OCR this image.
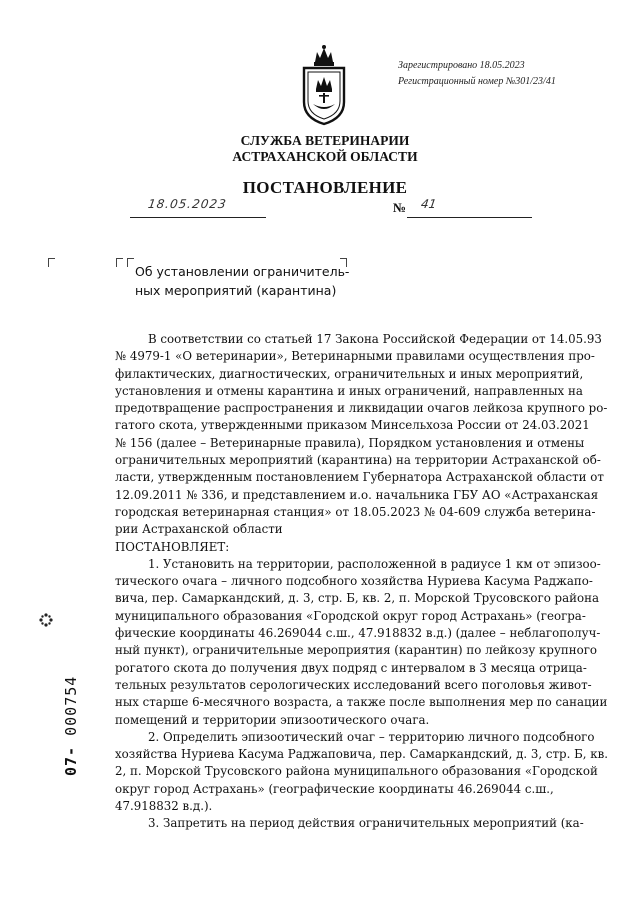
Зарегистрировано 18.05.2023
Регистрационный номер №301/23/41
СЛУЖБА ВЕТЕРИНАРИИ
АСТРАХАНСКОЙ ОБЛАСТИ
ПОСТАНОВЛЕНИЕ
18.05.2023	№ 41
Об установлении ограничитель-
ных мероприятий (карантина)
В соответствии со статьей 17 Закона Российской Федерации от 14.05.93
№ 4979-1 «О ветеринарии», Ветеринарными правилами осуществления про-
филактических, диагностических, ограничительных и иных мероприятий,
установления и отмены карантина и иных ограничений, направленных на
предотвращение распространения и ликвидации очагов лейкоза крупного ро-
гатого скота, утвержденными приказом Минсельхоза России от 24.03.2021
№ 156 (далее – Ветеринарные правила), Порядком установления и отмены
ограничительных мероприятий (карантина) на территории Астраханской об-
ласти, утвержденным постановлением Губернатора Астраханской области от
12.09.2011 № 336, и представлением и.о. начальника ГБУ АО «Астраханская
городская ветеринарная станция» от 18.05.2023 № 04-609 служба ветерина-
рии Астраханской области
ПОСТАНОВЛЯЕТ:
1. Установить на территории, расположенной в радиусе 1 км от эпизоо-
тического очага – личного подсобного хозяйства Нуриева Касума Раджапо-
вича, пер. Самаркандский, д. 3, стр. Б, кв. 2, п. Морской Трусовского района
муниципального образования «Городской округ город Астрахань» (геогра-
фические координаты 46.269044 с.ш., 47.918832 в.д.) (далее – неблагополуч-
ный пункт), ограничительные мероприятия (карантин) по лейкозу крупного
рогатого скота до получения двух подряд с интервалом в 3 месяца отрица-
тельных результатов серологических исследований всего поголовья живот-
ных старше 6-месячного возраста, а также после выполнения мер по санации
помещений и территории эпизоотического очага.
2. Определить эпизоотический очаг – территорию личного подсобного
хозяйства Нуриева Касума Раджаповича, пер. Самаркандский, д. 3, стр. Б, кв.
2, п. Морской Трусовского района муниципального образования «Городской
округ город Астрахань» (географические координаты 46.269044 с.ш.,
47.918832 в.д.).
3. Запретить на период действия ограничительных мероприятий (ка-
07- 000754
